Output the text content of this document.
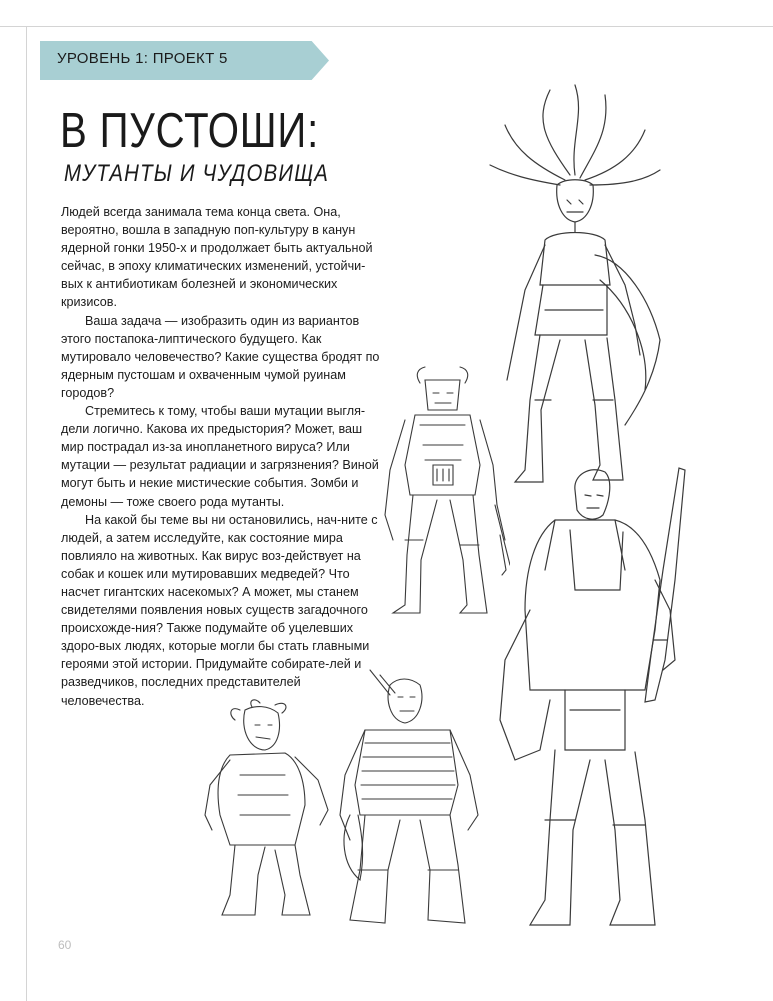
УРОВЕНЬ 1: ПРОЕКТ 5
В ПУСТОШИ:
МУТАНТЫ И ЧУДОВИЩА

Людей всегда занимала тема конца света. Она, вероятно, вошла в западную поп-культуру в канун ядерной гонки 1950-х и продолжает быть актуальной сейчас, в эпоху климатических изменений, устойчи-вых к антибиотикам болезней и экономических кризисов.

Ваша задача — изобразить один из вариантов этого постапока-липтического будущего. Как мутировало человечество? Какие существа бродят по ядерным пустошам и охваченным чумой руинам городов?

Стремитесь к тому, чтобы ваши мутации выгля-дели логично. Какова их предыстория? Может, ваш мир пострадал из-за инопланетного вируса? Или мутации — результат радиации и загрязнения? Виной могут быть и некие мистические события. Зомби и демоны — тоже своего рода мутанты.

На какой бы теме вы ни остановились, нач-ните с людей, а затем исследуйте, как состояние мира повлияло на животных. Как вирус воз-действует на собак и кошек или мутировавших медведей? Что насчет гигантских насекомых? А может, мы станем свидетелями появления новых существ загадочного происхожде-ния? Также подумайте об уцелевших здоро-вых людях, которые могли бы стать главными героями этой истории. Придумайте собирате-лей и разведчиков, последних представителей человечества.

60
